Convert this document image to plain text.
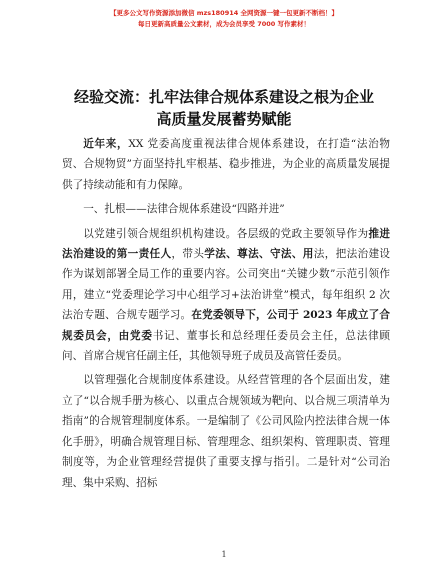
【更多公文写作资源添加微信 mzs180914 全网资源一键一包更新不断档！】
每日更新高质量公文素材，成为会员享受 7000 写作素材！
经验交流：扎牢法律合规体系建设之根为企业
高质量发展蓄势赋能

近年来，XX 党委高度重视法律合规体系建设，在打造“法治物贸、合规物贸”方面坚持扎牢根基、稳步推进，为企业的高质量发展提供了持续动能和有力保障。

一、扎根——法律合规体系建设“四路并进”

以党建引领合规组织机构建设。各层级的党政主要领导作为推进法治建设的第一责任人，带头学法、尊法、守法、用法，把法治建设作为谋划部署全局工作的重要内容。公司突出“关键少数”示范引领作用，建立“党委理论学习中心组学习+法治讲堂”模式，每年组织 2 次法治专题、合规专题学习。在党委领导下，公司于 2023 年成立了合规委员会，由党委书记、董事长和总经理任委员会主任，总法律顾问、首席合规官任副主任，其他领导班子成员及高管任委员。

以管理强化合规制度体系建设。从经营管理的各个层面出发，建立了“以合规手册为核心、以重点合规领域为靶向、以合规三项清单为指南”的合规管理制度体系。一是编制了《公司风险内控法律合规一体化手册》，明确合规管理目标、管理理念、组织架构、管理职责、管理制度等，为企业管理经营提供了重要支撑与指引。二是针对“公司治理、集中采购、招标

1
